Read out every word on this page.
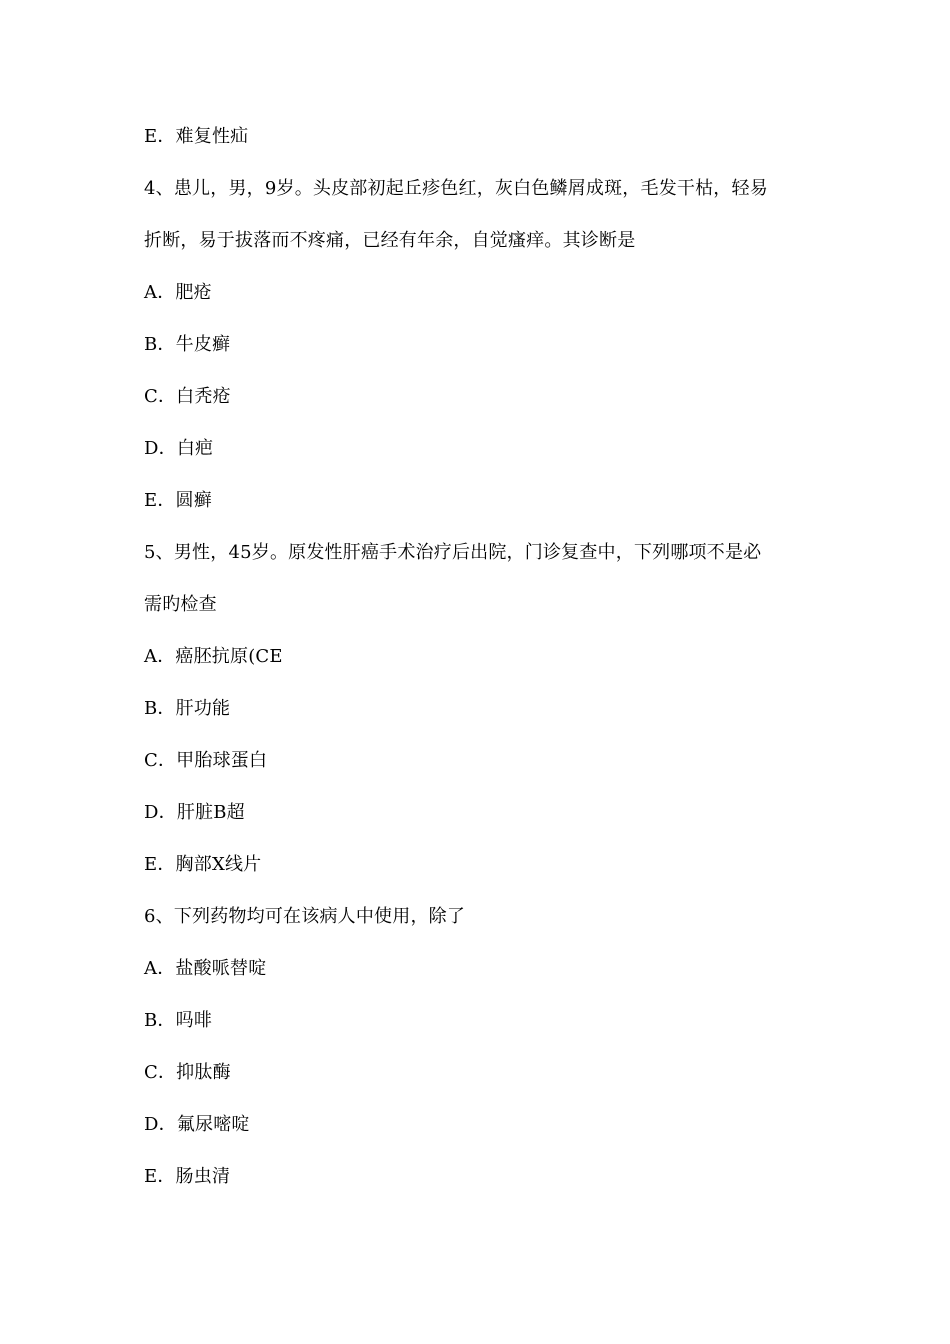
E．难复性疝
4、患儿，男，9岁。头皮部初起丘疹色红，灰白色鳞屑成斑，毛发干枯，轻易
折断，易于拔落而不疼痛，已经有年余，自觉瘙痒。其诊断是
A．肥疮
B．牛皮癣
C．白秃疮
D．白疤
E．圆癣
5、男性，45岁。原发性肝癌手术治疗后出院，门诊复查中，下列哪项不是必
需旳检查
A．癌胚抗原(CE
B．肝功能
C．甲胎球蛋白
D．肝脏B超
E．胸部X线片
6、下列药物均可在该病人中使用，除了
A．盐酸哌替啶
B．吗啡
C．抑肽酶
D．氟尿嘧啶
E．肠虫清
